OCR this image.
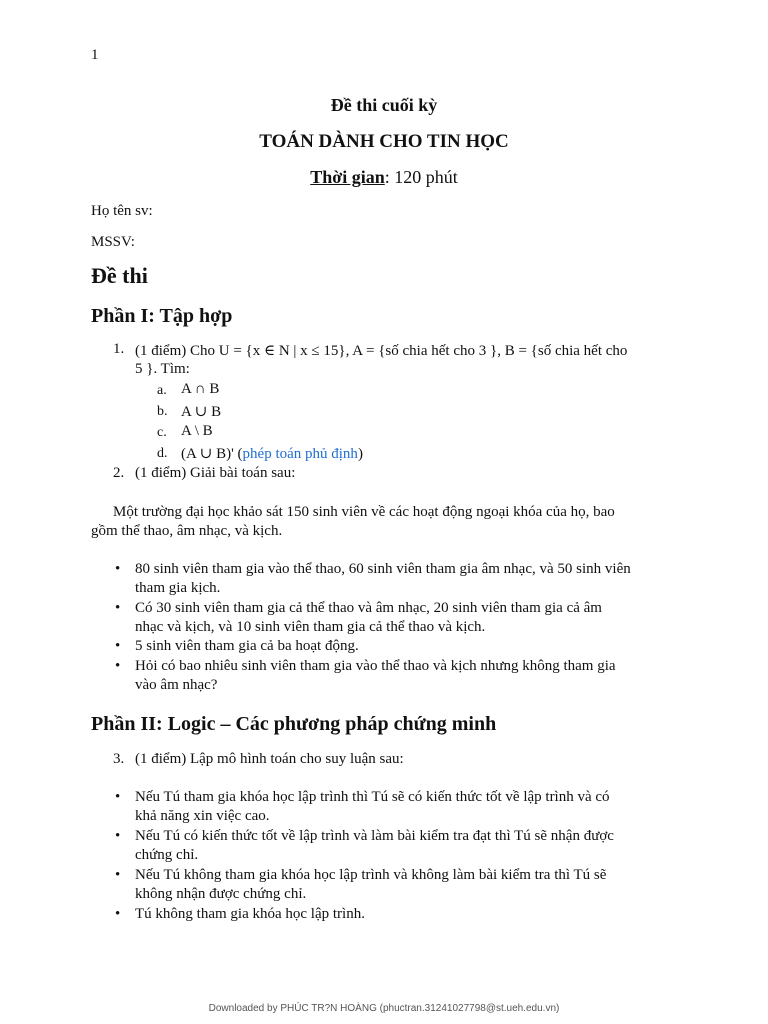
1
Đề thi cuối kỳ
TOÁN DÀNH CHO TIN HỌC
Thời gian: 120 phút
Họ tên sv:
MSSV:
Đề thi
Phần I: Tập hợp
1. (1 điểm) Cho U = {x ∈ N | x ≤ 15}, A = {số chia hết cho 3 }, B = {số chia hết cho
5 }. Tìm:
a. A ∩ B
b. A ∪ B
c. A \ B
d. (A ∪ B)' (phép toán phủ định)
2. (1 điểm) Giải bài toán sau:
Một trường đại học khảo sát 150 sinh viên về các hoạt động ngoại khóa của họ, bao
gồm thể thao, âm nhạc, và kịch.
• 80 sinh viên tham gia vào thể thao, 60 sinh viên tham gia âm nhạc, và 50 sinh viên
tham gia kịch.
• Có 30 sinh viên tham gia cả thể thao và âm nhạc, 20 sinh viên tham gia cả âm
nhạc và kịch, và 10 sinh viên tham gia cả thể thao và kịch.
• 5 sinh viên tham gia cả ba hoạt động.
• Hỏi có bao nhiêu sinh viên tham gia vào thể thao và kịch nhưng không tham gia
vào âm nhạc?
Phần II: Logic – Các phương pháp chứng minh
3. (1 điểm) Lập mô hình toán cho suy luận sau:
• Nếu Tú tham gia khóa học lập trình thì Tú sẽ có kiến thức tốt về lập trình và có
khả năng xin việc cao.
• Nếu Tú có kiến thức tốt về lập trình và làm bài kiểm tra đạt thì Tú sẽ nhận được
chứng chỉ.
• Nếu Tú không tham gia khóa học lập trình và không làm bài kiểm tra thì Tú sẽ
không nhận được chứng chỉ.
• Tú không tham gia khóa học lập trình.
Downloaded by PHÚC TR?N HOÀNG (phuctran.31241027798@st.ueh.edu.vn)
